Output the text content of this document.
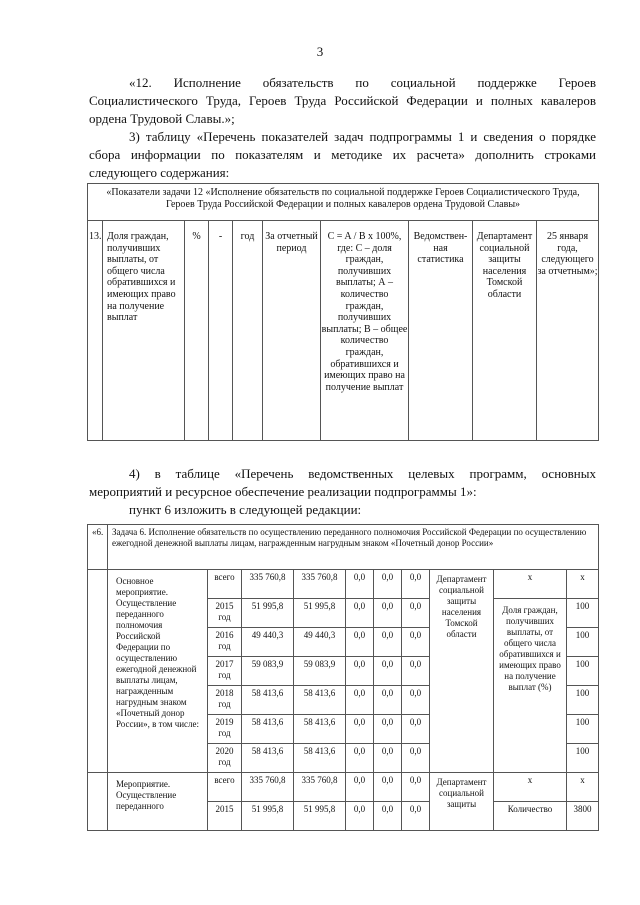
3
«12. Исполнение обязательств по социальной поддержке Героев
Социалистического Труда, Героев Труда Российской Федерации и полных кавалеров
ордена Трудовой Славы.»;
3) таблицу «Перечень показателей задач подпрограммы 1 и сведения о порядке
сбора информации по показателям и методике их расчета» дополнить строками
следующего содержания:
«Показатели задачи 12 «Исполнение обязательств по социальной поддержке Героев Социалистического Труда, Героев Труда Российской Федерации и полных кавалеров ордена Трудовой Славы»
13.	Доля граждан, получивших выплаты, от общего числа обратившихся и имеющих право на получение выплат	%	-	год	За отчетный период	C = A / B x 100%, где: С – доля граждан, получивших выплаты; А – количество граждан, получивших выплаты; В – общее количество граждан, обратившихся и имеющих право на получение выплат	Ведомствен-ная статистика	Департамент социальной защиты населения Томской области	25 января года, следующего за отчетным»;
4) в таблице «Перечень ведомственных целевых программ, основных
мероприятий и ресурсное обеспечение реализации подпрограммы 1»:
пункт 6 изложить в следующей редакции:
«6.	Задача 6. Исполнение обязательств по осуществлению переданного полномочия Российской Федерации по осуществлению ежегодной денежной выплаты лицам, награжденным нагрудным знаком «Почетный донор России»									
	Основное мероприятие. Осуществление переданного полномочия Российской Федерации по осуществлению ежегодной денежной выплаты лицам, награжденным нагрудным знаком «Почетный донор России», в том числе:	всего	335 760,8	335 760,8	0,0	0,0	0,0	Департамент социальной защиты населения Томской области	x	x
		2015 год	51 995,8	51 995,8	0,0	0,0	0,0		Доля граждан, получивших выплаты, от общего числа обратившихся и имеющих право на получение выплат (%)	100
		2016 год	49 440,3	49 440,3	0,0	0,0	0,0			100
		2017 год	59 083,9	59 083,9	0,0	0,0	0,0			100
		2018 год	58 413,6	58 413,6	0,0	0,0	0,0			100
		2019 год	58 413,6	58 413,6	0,0	0,0	0,0			100
		2020 год	58 413,6	58 413,6	0,0	0,0	0,0			100
	Мероприятие. Осуществление переданного	всего	335 760,8	335 760,8	0,0	0,0	0,0	Департамент социальной защиты	x	x
		2015	51 995,8	51 995,8	0,0	0,0	0,0		Количество	3800
